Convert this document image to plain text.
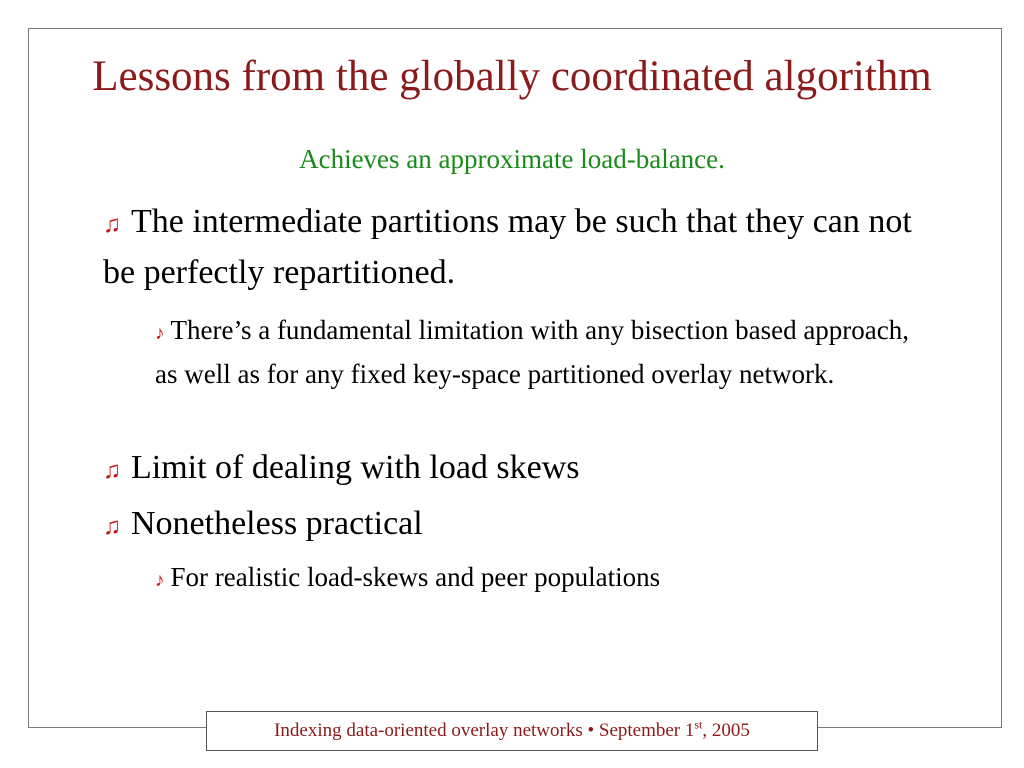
Lessons from the globally coordinated algorithm

Achieves an approximate load-balance.

♫ The intermediate partitions may be such that they can not be perfectly repartitioned.

♪ There’s a fundamental limitation with any bisection based approach, as well as for any fixed key-space partitioned overlay network.

♫ Limit of dealing with load skews

♫ Nonetheless practical

♪ For realistic load-skews and peer populations

Indexing data-oriented overlay networks • September 1st, 2005
